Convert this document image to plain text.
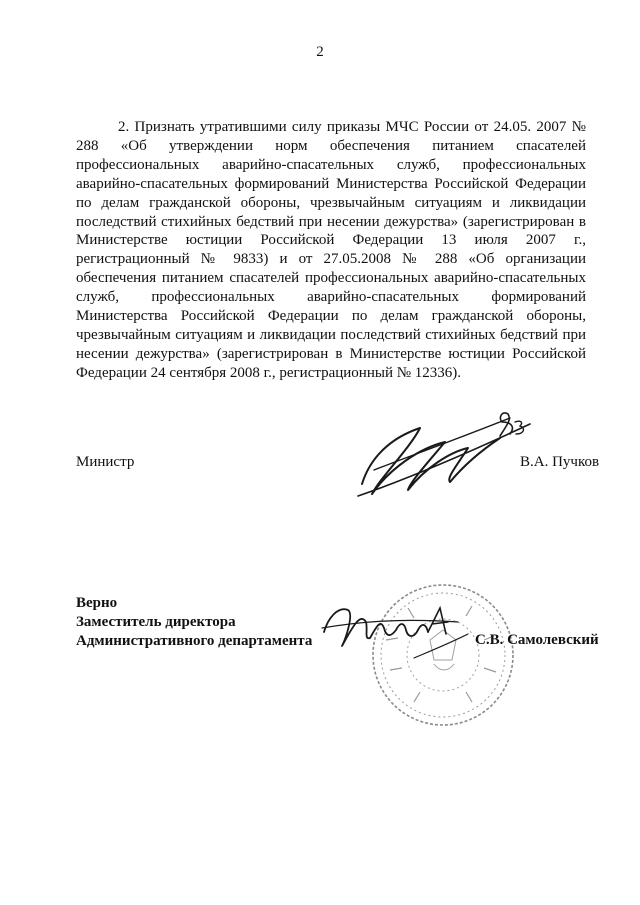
2

2. Признать утратившими силу приказы МЧС России от 24.05. 2007 № 288 «Об утверждении норм обеспечения питанием спасателей профессиональных аварийно-спасательных служб, профессиональных аварийно-спасательных формирований Министерства Российской Федерации по делам гражданской обороны, чрезвычайным ситуациям и ликвидации последствий стихийных бедствий при несении дежурства» (зарегистрирован в Министерстве юстиции Российской Федерации 13 июля 2007 г., регистрационный № 9833) и от 27.05.2008 № 288 «Об организации обеспечения питанием спасателей профессиональных аварийно-спасательных служб, профессиональных аварийно-спасательных формирований Министерства Российской Федерации по делам гражданской обороны, чрезвычайным ситуациям и ликвидации последствий стихийных бедствий при несении дежурства» (зарегистрирован в Министерстве юстиции Российской Федерации 24 сентября 2008 г., регистрационный № 12336).

Министр	В.А. Пучков
Верно
Заместитель директора
Административного департамента	С.В. Самолевский
